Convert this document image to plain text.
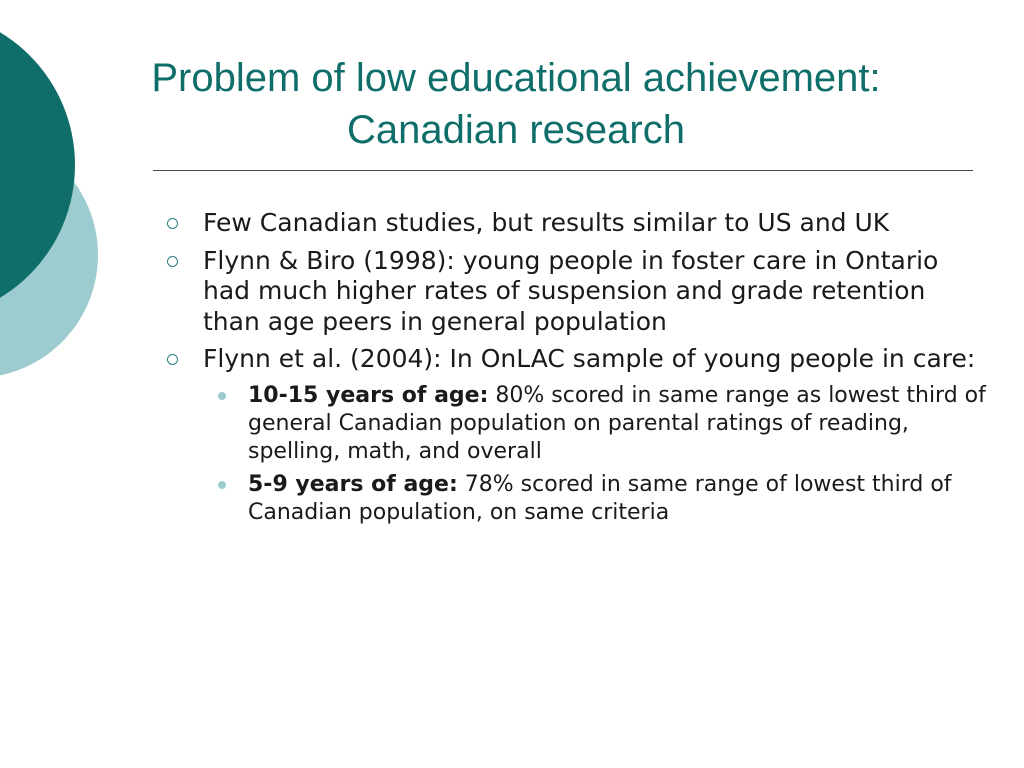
Problem of low educational achievement:
Canadian research
Few Canadian studies, but results similar to US and UK
Flynn & Biro (1998): young people in foster care in Ontario had much higher rates of suspension and grade retention than age peers in general population
Flynn et al. (2004): In OnLAC sample of young people in care:
10-15 years of age: 80% scored in same range as lowest third of general Canadian population on parental ratings of reading, spelling, math, and overall
5-9 years of age: 78% scored in same range of lowest third of Canadian population, on same criteria
